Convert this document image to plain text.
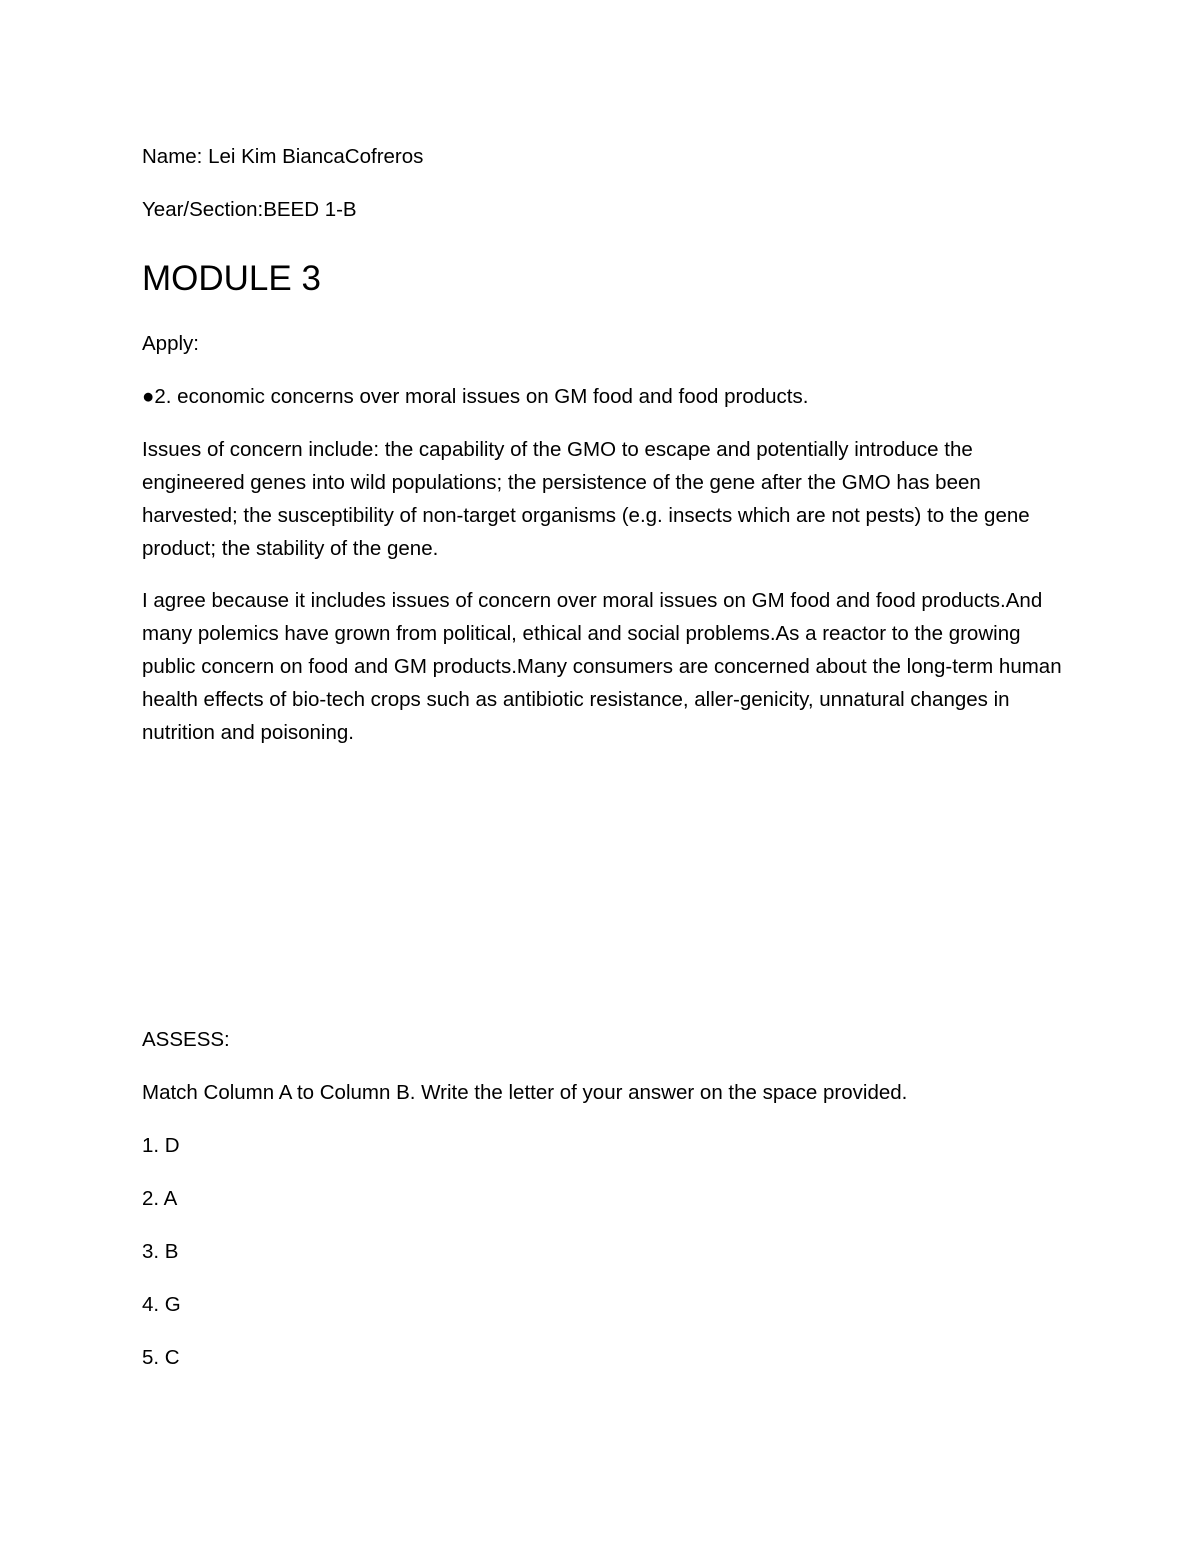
Name: Lei Kim BiancaCofreros

Year/Section:BEED 1-B

MODULE 3

Apply:

●2. economic concerns over moral issues on GM food and food products.

Issues of concern include: the capability of the GMO to escape and potentially introduce the engineered genes into wild populations; the persistence of the gene after the GMO has been harvested; the susceptibility of non-target organisms (e.g. insects which are not pests) to the gene product; the stability of the gene.

I agree because it includes issues of concern over moral issues on GM food and food products.And many polemics have grown from political, ethical and social problems.As a reactor to the growing public concern on food and GM products.Many consumers are concerned about the long-term human health effects of bio-tech crops such as antibiotic resistance, aller-genicity, unnatural changes in nutrition and poisoning.

ASSESS:

Match Column A to Column B. Write the letter of your answer on the space provided.

1. D

2. A

3. B

4. G

5. C
